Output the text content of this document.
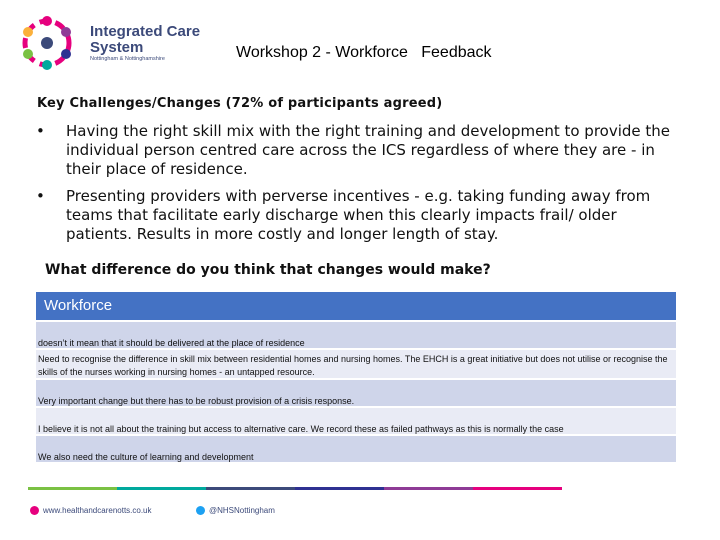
Integrated Care System
Nottingham & Nottinghamshire	Workshop 2 - Workforce   Feedback
Key Challenges/Changes (72% of participants agreed)
• Having the right skill mix with the right training and development to provide the individual person centred care across the ICS regardless of where they are - in their place of residence.
• Presenting providers with perverse incentives - e.g. taking funding away from teams that facilitate early discharge when this clearly impacts frail/ older patients. Results in more costly and longer length of stay.
What difference do you think that changes would make?
Workforce
doesn’t it mean that it should be delivered at the place of residence
Need to recognise the difference in skill mix between residential homes and nursing homes. The EHCH is a great initiative but does not utilise or recognise the skills of the nurses working in nursing homes - an untapped resource.
Very important change but there has to be robust provision of a crisis response.
I believe it is not all about the training but access to alternative care. We record these as failed pathways as this is normally the case
We also need the culture of learning and development
www.healthandcarenotts.co.uk	@NHSNottingham
